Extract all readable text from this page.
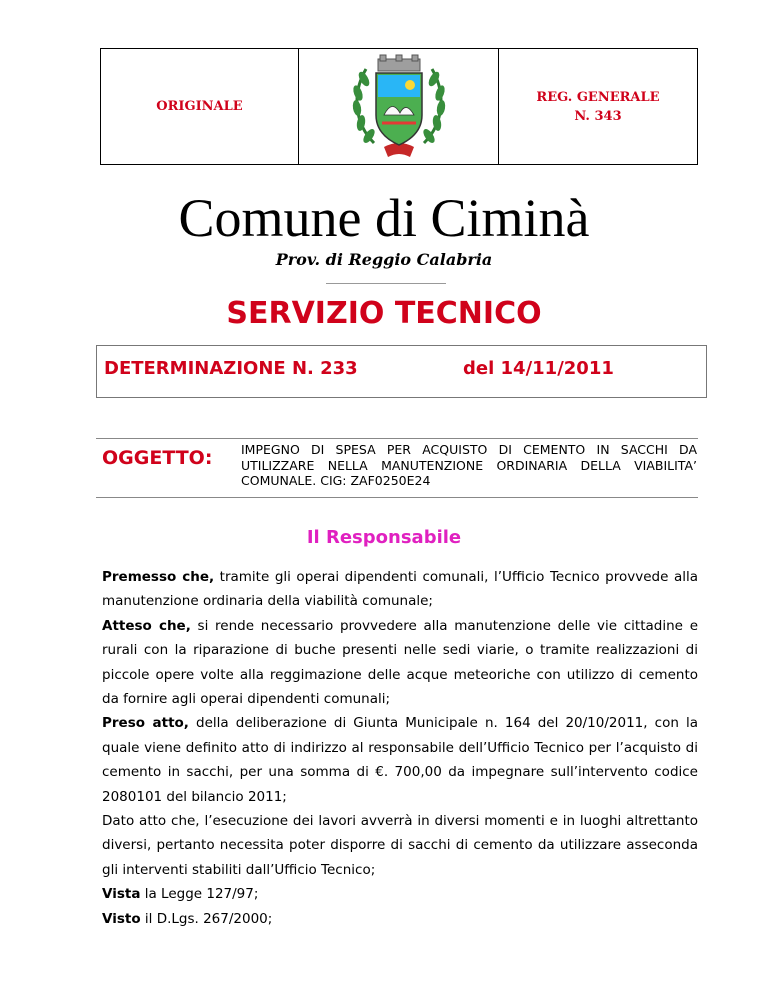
ORIGINALE
REG. GENERALE
N. 343
Comune di Ciminà
Prov. di Reggio Calabria
SERVIZIO TECNICO
DETERMINAZIONE N. 233	del 14/11/2011
OGGETTO: IMPEGNO DI SPESA PER ACQUISTO DI CEMENTO IN SACCHI DA UTILIZZARE NELLA MANUTENZIONE ORDINARIA DELLA VIABILITA’ COMUNALE. CIG: ZAF0250E24
Il Responsabile

Premesso che, tramite gli operai dipendenti comunali, l’Ufficio Tecnico provvede alla manutenzione ordinaria della viabilità comunale;

Atteso che, si rende necessario provvedere alla manutenzione delle vie cittadine e rurali con la riparazione di buche presenti nelle sedi viarie, o tramite realizzazioni di piccole opere volte alla reggimazione delle acque meteoriche con utilizzo di cemento da fornire agli operai dipendenti comunali;

Preso atto, della deliberazione di Giunta Municipale n. 164 del 20/10/2011, con la quale viene definito atto di indirizzo al responsabile dell’Ufficio Tecnico per l’acquisto di cemento in sacchi, per una somma di €. 700,00 da impegnare sull’intervento codice 2080101 del bilancio 2011;

Dato atto che, l’esecuzione dei lavori avverrà in diversi momenti e in luoghi altrettanto diversi, pertanto necessita poter disporre di sacchi di cemento da utilizzare asseconda gli interventi stabiliti dall’Ufficio Tecnico;

Vista la Legge 127/97;

Visto il D.Lgs. 267/2000;
